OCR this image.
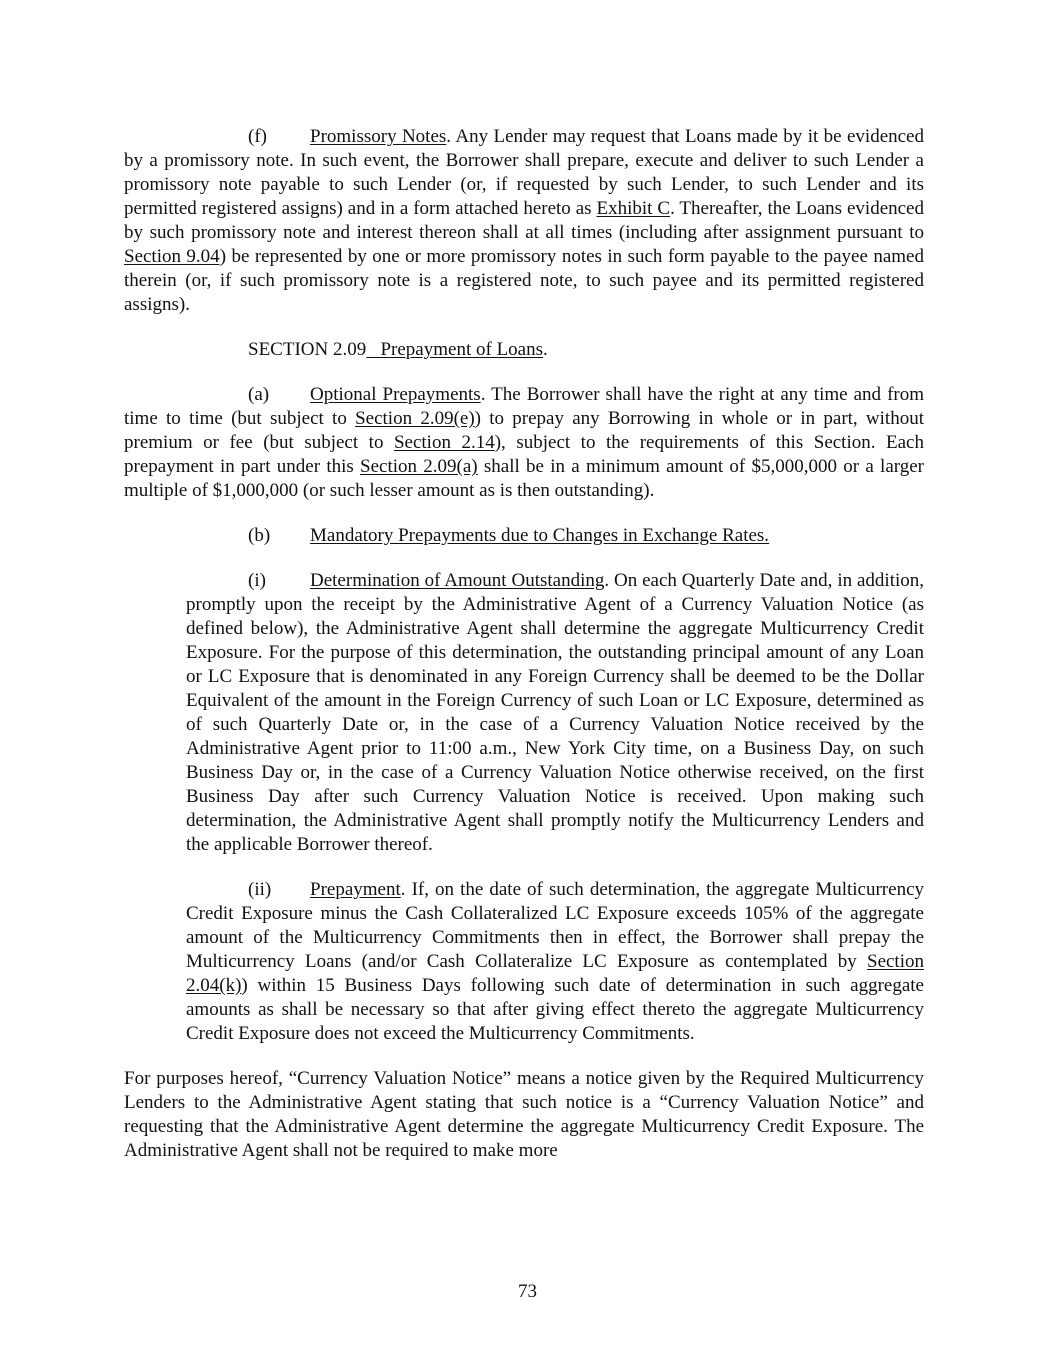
(f) Promissory Notes. Any Lender may request that Loans made by it be evidenced by a promissory note. In such event, the Borrower shall prepare, execute and deliver to such Lender a promissory note payable to such Lender (or, if requested by such Lender, to such Lender and its permitted registered assigns) and in a form attached hereto as Exhibit C. Thereafter, the Loans evidenced by such promissory note and interest thereon shall at all times (including after assignment pursuant to Section 9.04) be represented by one or more promissory notes in such form payable to the payee named therein (or, if such promissory note is a registered note, to such payee and its permitted registered assigns).

SECTION 2.09   Prepayment of Loans.

(a) Optional Prepayments. The Borrower shall have the right at any time and from time to time (but subject to Section 2.09(e)) to prepay any Borrowing in whole or in part, without premium or fee (but subject to Section 2.14), subject to the requirements of this Section. Each prepayment in part under this Section 2.09(a) shall be in a minimum amount of $5,000,000 or a larger multiple of $1,000,000 (or such lesser amount as is then outstanding).

(b) Mandatory Prepayments due to Changes in Exchange Rates.

(i) Determination of Amount Outstanding. On each Quarterly Date and, in addition, promptly upon the receipt by the Administrative Agent of a Currency Valuation Notice (as defined below), the Administrative Agent shall determine the aggregate Multicurrency Credit Exposure. For the purpose of this determination, the outstanding principal amount of any Loan or LC Exposure that is denominated in any Foreign Currency shall be deemed to be the Dollar Equivalent of the amount in the Foreign Currency of such Loan or LC Exposure, determined as of such Quarterly Date or, in the case of a Currency Valuation Notice received by the Administrative Agent prior to 11:00 a.m., New York City time, on a Business Day, on such Business Day or, in the case of a Currency Valuation Notice otherwise received, on the first Business Day after such Currency Valuation Notice is received. Upon making such determination, the Administrative Agent shall promptly notify the Multicurrency Lenders and the applicable Borrower thereof.

(ii) Prepayment. If, on the date of such determination, the aggregate Multicurrency Credit Exposure minus the Cash Collateralized LC Exposure exceeds 105% of the aggregate amount of the Multicurrency Commitments then in effect, the Borrower shall prepay the Multicurrency Loans (and/or Cash Collateralize LC Exposure as contemplated by Section 2.04(k)) within 15 Business Days following such date of determination in such aggregate amounts as shall be necessary so that after giving effect thereto the aggregate Multicurrency Credit Exposure does not exceed the Multicurrency Commitments.

For purposes hereof, “Currency Valuation Notice” means a notice given by the Required Multicurrency Lenders to the Administrative Agent stating that such notice is a “Currency Valuation Notice” and requesting that the Administrative Agent determine the aggregate Multicurrency Credit Exposure. The Administrative Agent shall not be required to make more

73
